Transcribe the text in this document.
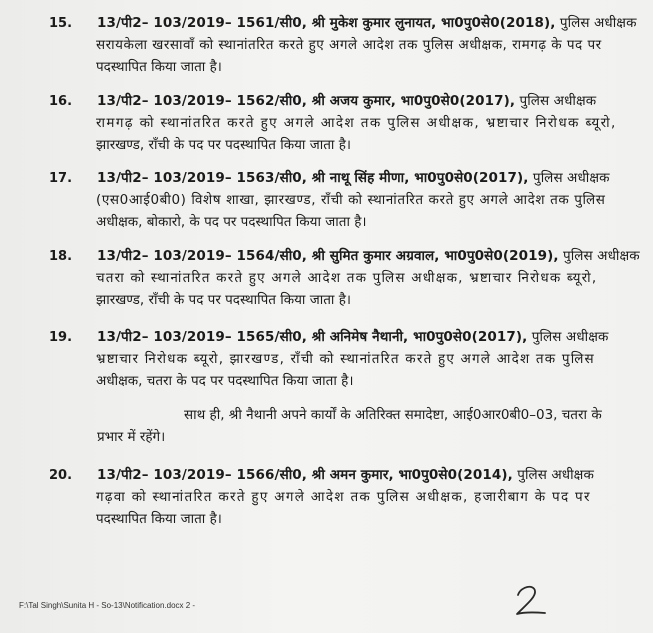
15. 13/पी2– 103/2019– 1561/सी0, श्री मुकेश कुमार लुनायत, भा0पु0से0(2018), पुलिस अधीक्षक
सरायकेला खरसावाँ को स्थानांतरित करते हुए अगले आदेश तक पुलिस अधीक्षक, रामगढ़ के पद पर
पदस्थापित किया जाता है।
16. 13/पी2– 103/2019– 1562/सी0, श्री अजय कुमार, भा0पु0से0(2017), पुलिस अधीक्षक
रामगढ़ को स्थानांतरित करते हुए अगले आदेश तक पुलिस अधीक्षक, भ्रष्टाचार निरोधक ब्यूरो,
झारखण्ड, राँची के पद पर पदस्थापित किया जाता है।
17. 13/पी2– 103/2019– 1563/सी0, श्री नाथू सिंह मीणा, भा0पु0से0(2017), पुलिस अधीक्षक
(एस0आई0बी0) विशेष शाखा, झारखण्ड, राँची को स्थानांतरित करते हुए अगले आदेश तक पुलिस
अधीक्षक, बोकारो, के पद पर पदस्थापित किया जाता है।
18. 13/पी2– 103/2019– 1564/सी0, श्री सुमित कुमार अग्रवाल, भा0पु0से0(2019), पुलिस अधीक्षक
चतरा को स्थानांतरित करते हुए अगले आदेश तक पुलिस अधीक्षक, भ्रष्टाचार निरोधक ब्यूरो,
झारखण्ड, राँची के पद पर पदस्थापित किया जाता है।
19. 13/पी2– 103/2019– 1565/सी0, श्री अनिमेष नैथानी, भा0पु0से0(2017), पुलिस अधीक्षक
भ्रष्टाचार निरोधक ब्यूरो, झारखण्ड, राँची को स्थानांतरित करते हुए अगले आदेश तक पुलिस
अधीक्षक, चतरा के पद पर पदस्थापित किया जाता है।
साथ ही, श्री नैथानी अपने कार्यों के अतिरिक्त समादेष्टा, आई0आर0बी0–03, चतरा के
प्रभार में रहेंगे।
20. 13/पी2– 103/2019– 1566/सी0, श्री अमन कुमार, भा0पु0से0(2014), पुलिस अधीक्षक
गढ़वा को स्थानांतरित करते हुए अगले आदेश तक पुलिस अधीक्षक, हजारीबाग के पद पर
पदस्थापित किया जाता है।
F:\Tal Singh\Sunita H - So-13\Notification.docx 2 -
